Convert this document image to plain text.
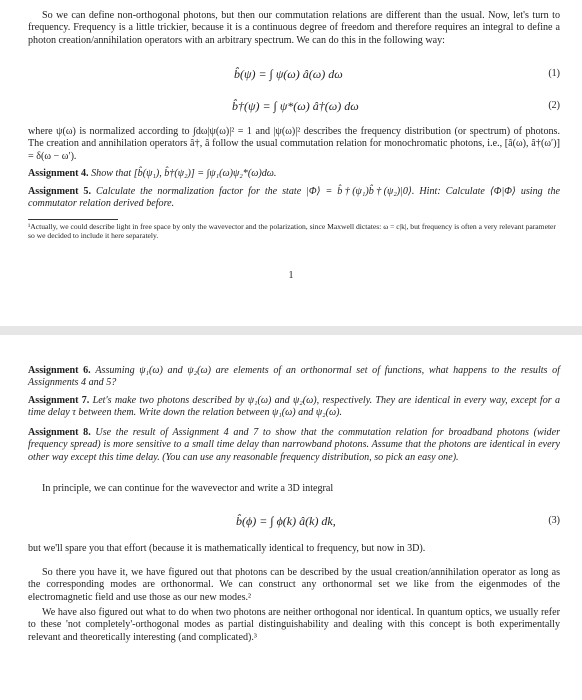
So we can define non-orthogonal photons, but then our commutation relations are different than the usual. Now, let's turn to frequency. Frequency is a little trickier, because it is a continuous degree of freedom and therefore requires an integral to define a photon creation/annihilation operators with an arbitrary spectrum. We can do this in the following way:

b̂(ψ) = ∫ ψ(ω) â(ω) dω	(1)
b̂†(ψ) = ∫ ψ*(ω) â†(ω) dω	(2)

where ψ(ω) is normalized according to ∫dω|ψ(ω)|² = 1 and |ψ(ω)|² describes the frequency distribution (or spectrum) of photons. The creation and annihilation operators â†, â follow the usual commutation relation for monochromatic photons, i.e., [â(ω), â†(ω′)] = δ(ω − ω′).

Assignment 4. Show that [b̂(ψ₁), b̂†(ψ₂)] = ∫ψ₁(ω)ψ₂*(ω)dω.

Assignment 5. Calculate the normalization factor for the state |Φ⟩ = b̂†(ψ₁)b̂†(ψ₂)|0⟩. Hint: Calculate ⟨Φ|Φ⟩ using the commutator relation derived before.

¹Actually, we could describe light in free space by only the wavevector and the polarization, since Maxwell dictates: ω = c|k|, but frequency is often a very relevant parameter so we decided to include it here separately.
1

Assignment 6. Assuming ψ₁(ω) and ψ₂(ω) are elements of an orthonormal set of functions, what happens to the results of Assignments 4 and 5?

Assignment 7. Let's make two photons described by ψ₁(ω) and ψ₂(ω), respectively. They are identical in every way, except for a time delay τ between them. Write down the relation between ψ₁(ω) and ψ₂(ω).

Assignment 8. Use the result of Assignment 4 and 7 to show that the commutation relation for broadband photons (wider frequency spread) is more sensitive to a small time delay than narrowband photons. Assume that the photons are identical in every other way except this time delay. (You can use any reasonable frequency distribution, so pick an easy one).

In principle, we can continue for the wavevector and write a 3D integral

b̂(ϕ) = ∫ ϕ(k) â(k) dk,	(3)

but we'll spare you that effort (because it is mathematically identical to frequency, but now in 3D).

So there you have it, we have figured out that photons can be described by the usual creation/annihilation operator as long as the corresponding modes are orthonormal. We can construct any orthonormal set we like from the eigenmodes of the electromagnetic field and use those as our new modes.²

We have also figured out what to do when two photons are neither orthogonal nor identical. In quantum optics, we usually refer to these 'not completely'-orthogonal modes as partial distinguishability and dealing with this concept is both experimentally relevant and theoretically interesting (and complicated).³
